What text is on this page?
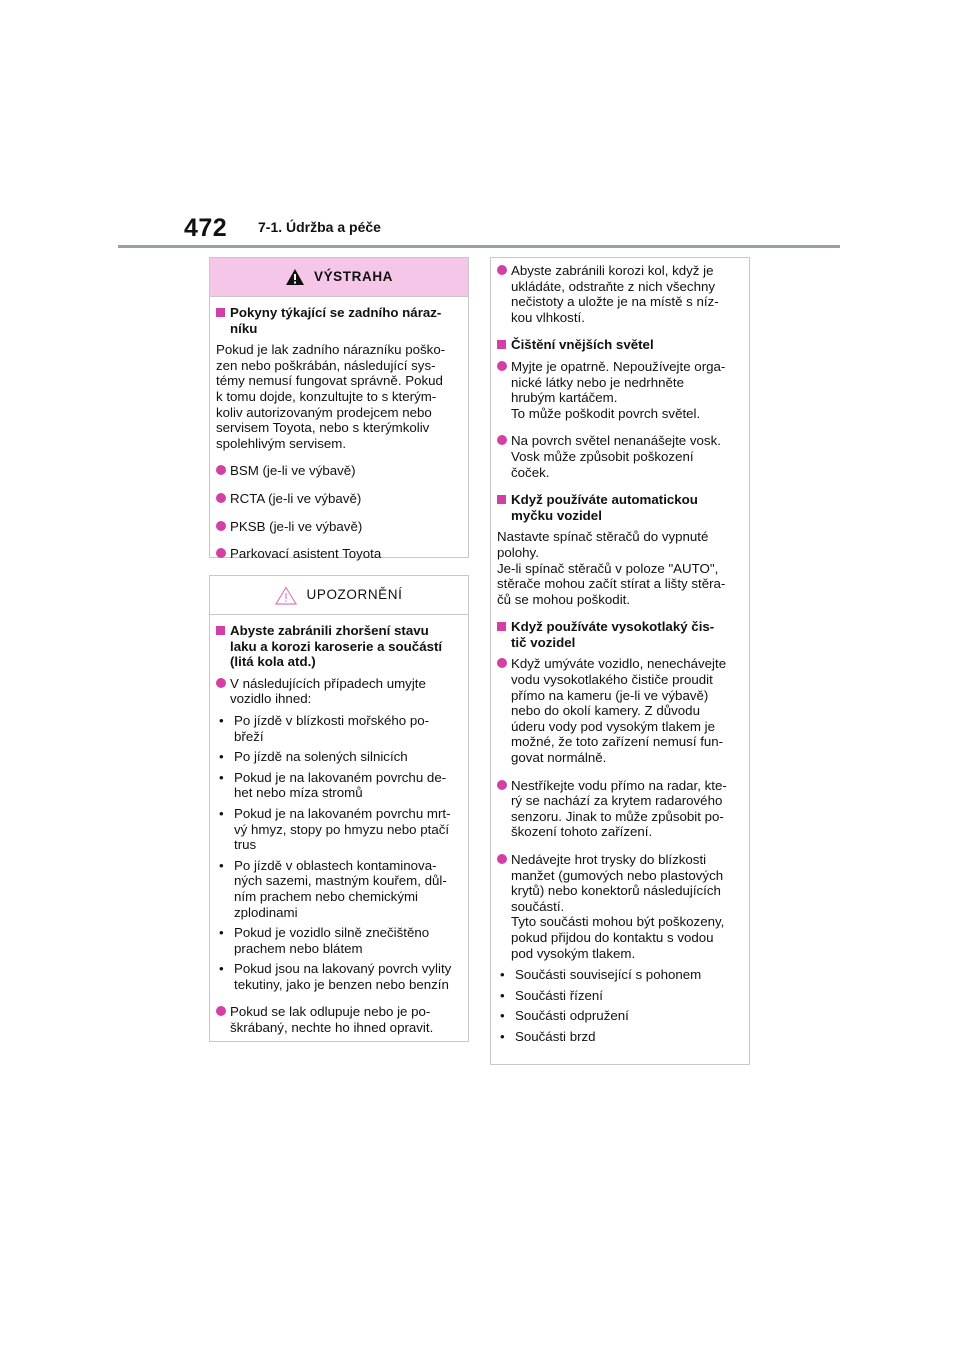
472 7-1. Údržba a péče
VÝSTRAHA
Pokyny týkající se zadního náraz-
níku
Pokud je lak zadního nárazníku poško-
zen nebo poškrábán, následující sys-
témy nemusí fungovat správně. Pokud
k tomu dojde, konzultujte to s kterým-
koliv autorizovaným prodejcem nebo
servisem Toyota, nebo s kterýmkoliv
spolehlivým servisem.
BSM (je-li ve výbavě)
RCTA (je-li ve výbavě)
PKSB (je-li ve výbavě)
Parkovací asistent Toyota
UPOZORNĚNÍ
Abyste zabránili zhoršení stavu
laku a korozi karoserie a součástí
(litá kola atd.)
V následujících případech umyjte
vozidlo ihned:
• Po jízdě v blízkosti mořského po-
břeží
• Po jízdě na solených silnicích
• Pokud je na lakovaném povrchu de-
het nebo míza stromů
• Pokud je na lakovaném povrchu mrt-
vý hmyz, stopy po hmyzu nebo ptačí
trus
• Po jízdě v oblastech kontaminova-
ných sazemi, mastným kouřem, důl-
ním prachem nebo chemickými
zplodinami
• Pokud je vozidlo silně znečištěno
prachem nebo blátem
• Pokud jsou na lakovaný povrch vylity
tekutiny, jako je benzen nebo benzín
Pokud se lak odlupuje nebo je po-
škrábaný, nechte ho ihned opravit.
Abyste zabránili korozi kol, když je
ukládáte, odstraňte z nich všechny
nečistoty a uložte je na místě s níz-
kou vlhkostí.
Čištění vnějších světel
Myjte je opatrně. Nepoužívejte orga-
nické látky nebo je nedrhněte
hrubým kartáčem.
To může poškodit povrch světel.
Na povrch světel nenanášejte vosk.
Vosk může způsobit poškození
čoček.
Když používáte automatickou
myčku vozidel
Nastavte spínač stěračů do vypnuté
polohy.
Je-li spínač stěračů v poloze "AUTO",
stěrače mohou začít stírat a lišty stěra-
čů se mohou poškodit.
Když používáte vysokotlaký čis-
tič vozidel
Když umýváte vozidlo, nenechávejte
vodu vysokotlakého čističe proudit
přímo na kameru (je-li ve výbavě)
nebo do okolí kamery. Z důvodu
úderu vody pod vysokým tlakem je
možné, že toto zařízení nemusí fun-
govat normálně.
Nestříkejte vodu přímo na radar, kte-
rý se nachází za krytem radarového
senzoru. Jinak to může způsobit po-
škození tohoto zařízení.
Nedávejte hrot trysky do blízkosti
manžet (gumových nebo plastových
krytů) nebo konektorů následujících
součástí.
Tyto součásti mohou být poškozeny,
pokud přijdou do kontaktu s vodou
pod vysokým tlakem.
• Součásti související s pohonem
• Součásti řízení
• Součásti odpružení
• Součásti brzd
